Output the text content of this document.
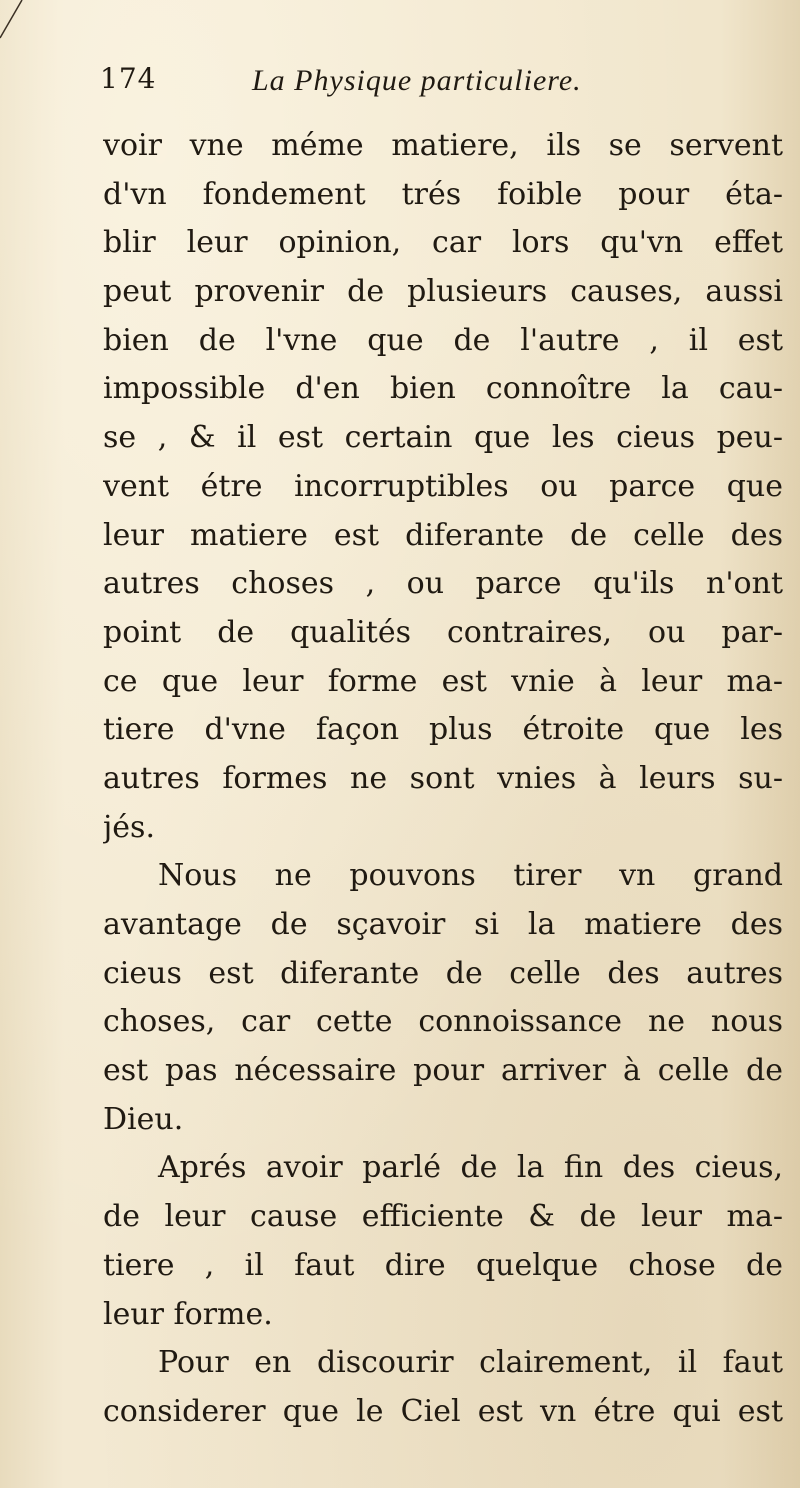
174	La Physique particuliere.
voir vne méme matiere, ils se servent
d'vn fondement trés foible pour éta-
blir leur opinion, car lors qu'vn effet
peut provenir de plusieurs causes, aussi
bien de l'vne que de l'autre , il est
impossible d'en bien connoître la cau-
se , & il est certain que les cieus peu-
vent étre incorruptibles ou parce que
leur matiere est diferante de celle des
autres choses , ou parce qu'ils n'ont
point de qualités contraires, ou par-
ce que leur forme est vnie à leur ma-
tiere d'vne façon plus étroite que les
autres formes ne sont vnies à leurs su-
jés.
Nous ne pouvons tirer vn grand
avantage de sçavoir si la matiere des
cieus est diferante de celle des autres
choses, car cette connoissance ne nous
est pas nécessaire pour arriver à celle de
Dieu.
Aprés avoir parlé de la fin des cieus,
de leur cause efficiente & de leur ma-
tiere , il faut dire quelque chose de
leur forme.
Pour en discourir clairement, il faut
considerer que le Ciel est vn étre qui est
